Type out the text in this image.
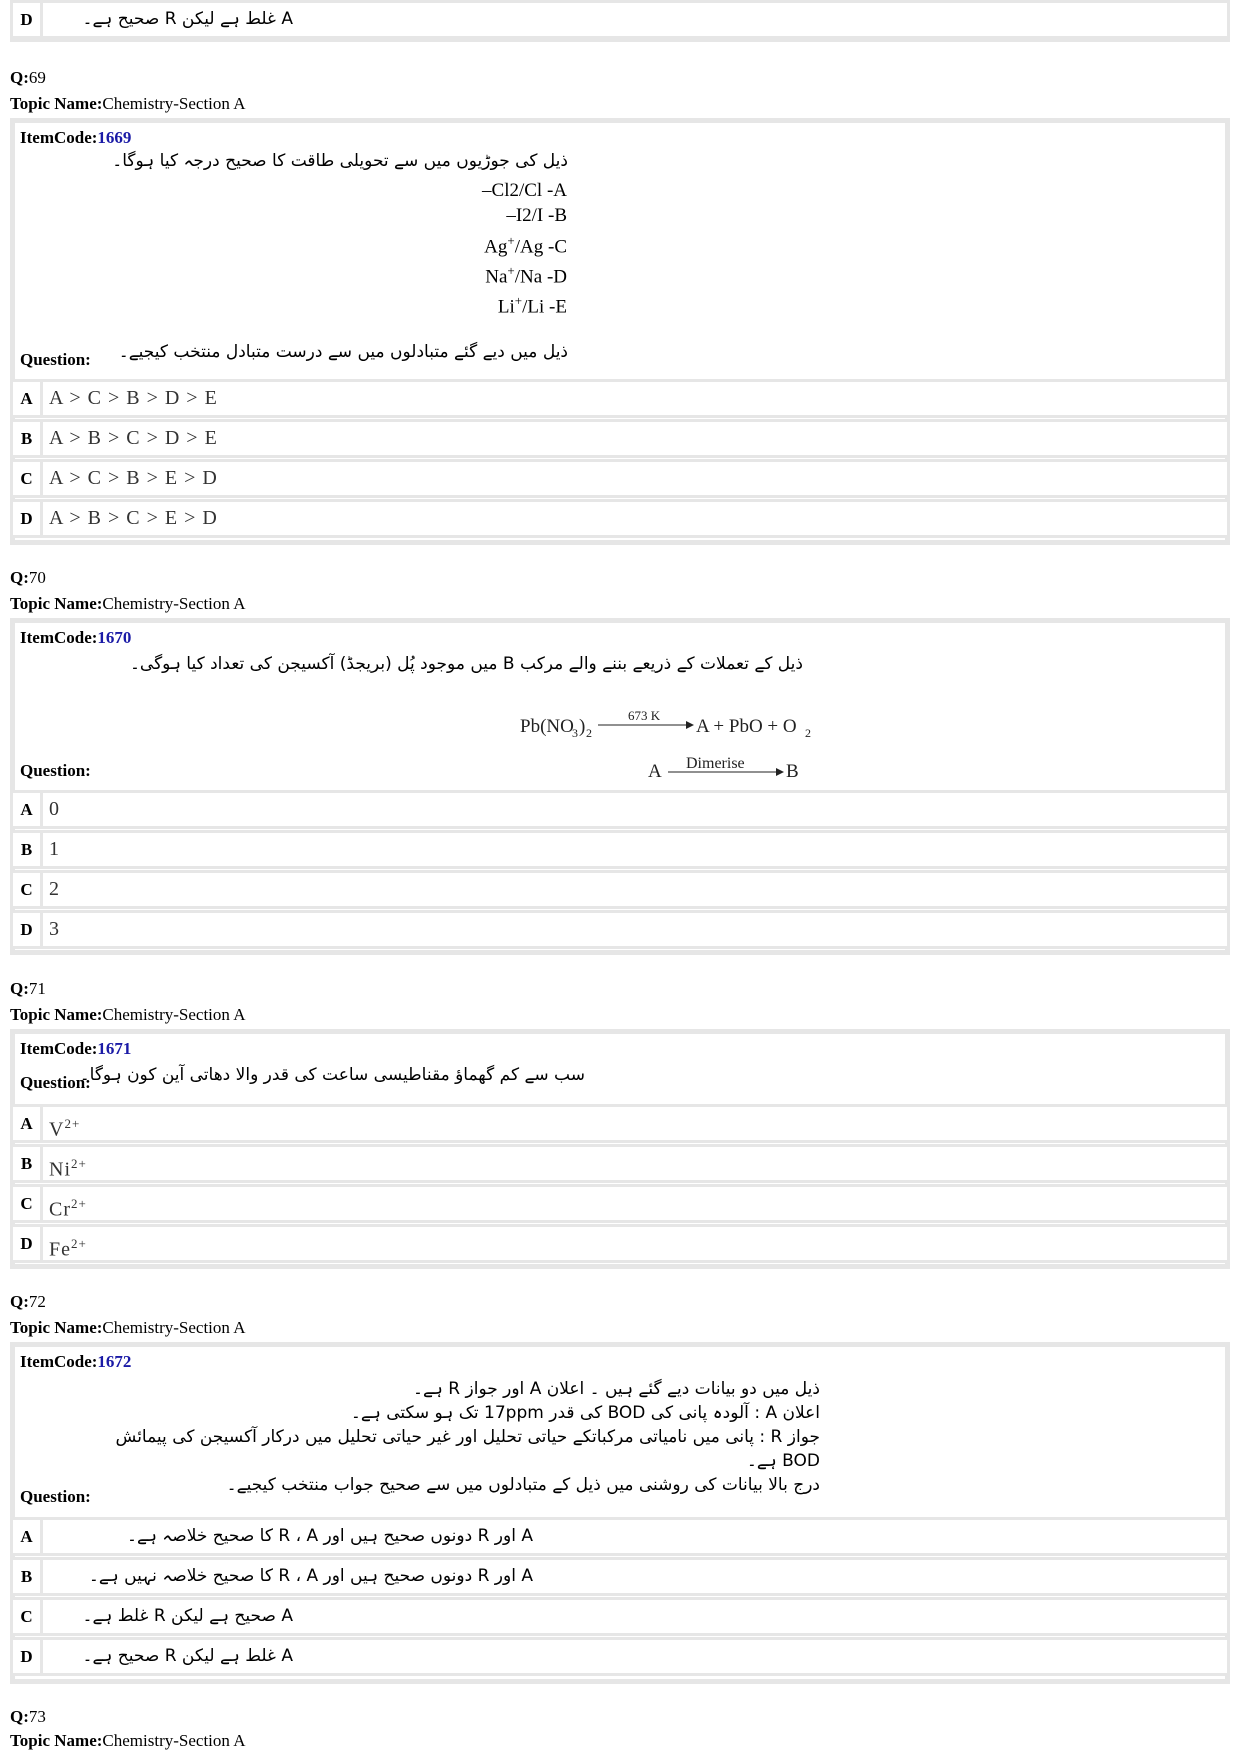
D	A غلط ہے لیکن R صحیح ہے۔
Q:69
Topic Name:Chemistry-Section A
ItemCode:1669
ذیل کی جوڑیوں میں سے تحویلی طاقت کا صحیح درجہ کیا ہوگا۔
–Cl2/Cl -A
–I2/I -B
Ag+/Ag -C
Na+/Na -D
Li+/Li -E
Question: ذیل میں دیے گئے متبادلوں میں سے درست متبادل منتخب کیجیے۔
A A > C > B > D > E
B A > B > C > D > E
C A > C > B > E > D
D A > B > C > E > D
Q:70
Topic Name:Chemistry-Section A
ItemCode:1670
ذیل کے تعملات کے ذریعے بننے والے مرکب B میں موجود پُل (بریجڈ) آکسیجن کی تعداد کیا ہوگی۔
Pb(NO
3 ) 2
673 K
A + PbO + O 2
A Dimerise B
Question:
A 0
B 1
C 2
D 3
Q:71
Topic Name:Chemistry-Section A
ItemCode:1671
Question:
سب سے کم گھماؤ مقناطیسی ساعت کی قدر والا دھاتی آین کون ہوگا۔
A $V^{2+}$
B $Ni^{2+}$
C $Cr^{2+}$
D $Fe^{2+}$
Q:72
Topic Name:Chemistry-Section A
ItemCode:1672
ذیل میں دو بیانات دیے گئے ہیں ۔ اعلان A اور جواز R ہے۔
اعلان A : آلودہ پانی کی BOD کی قدر 17ppm تک ہو سکتی ہے۔
جواز R : پانی میں نامیاتی مرکباتکے حیاتی تحلیل اور غیر حیاتی تحلیل میں درکار آکسیجن کی پیمائش
BOD ہے۔
درج بالا بیانات کی روشنی میں ذیل کے متبادلوں میں سے صحیح جواب منتخب کیجیے۔
Question:
A	A اور R دونوں صحیح ہیں اور R ، A کا صحیح خلاصہ ہے۔
B	A اور R دونوں صحیح ہیں اور R ، A کا صحیح خلاصہ نہیں ہے۔
C	A صحیح ہے لیکن R غلط ہے۔
D	A غلط ہے لیکن R صحیح ہے۔
Q:73
Topic Name:Chemistry-Section A
